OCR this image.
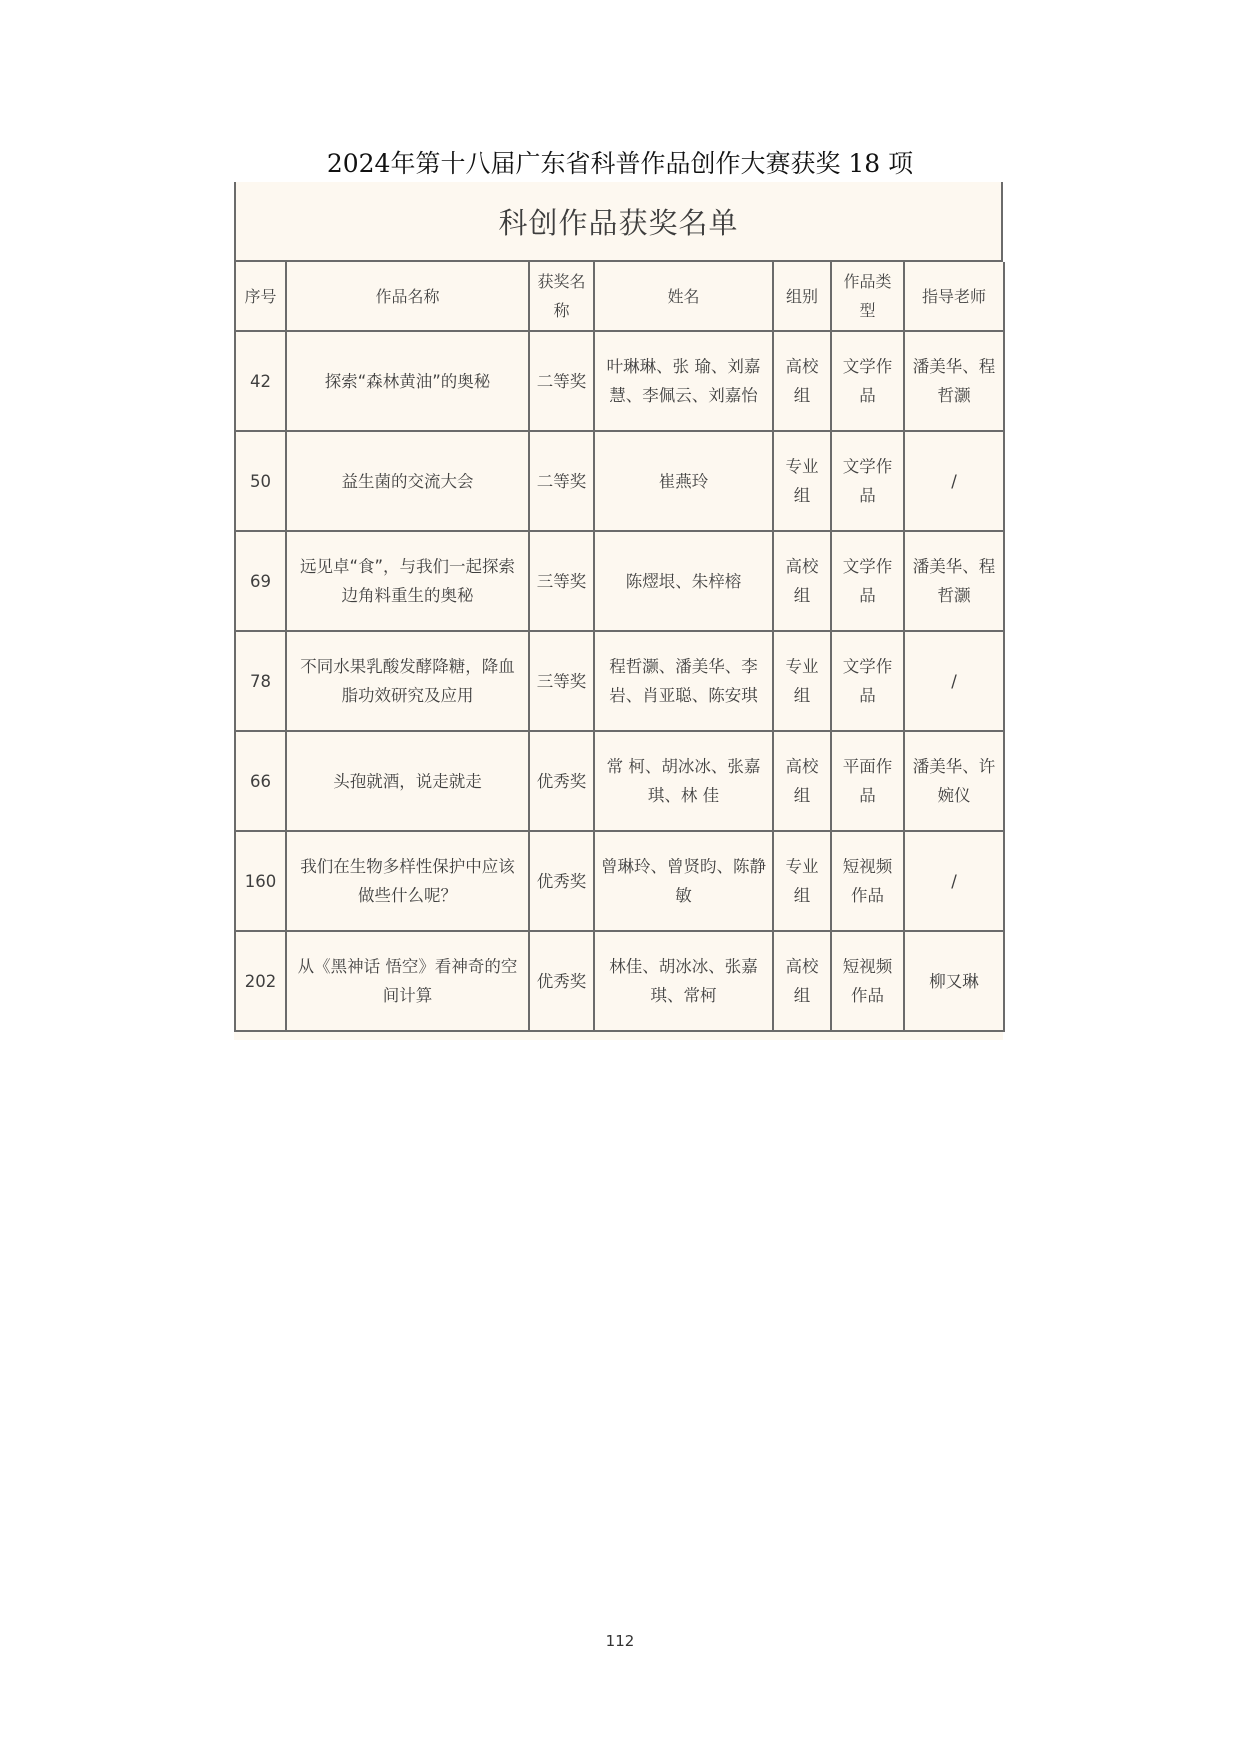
2024年第十八届广东省科普作品创作大赛获奖 18 项
科创作品获奖名单
序号	作品名称	获奖名称	姓名	组别	作品类型	指导老师
42	探索“森林黄油”的奥秘	二等奖	叶琳琳、张 瑜、刘嘉慧、李佩云、刘嘉怡	高校组	文学作品	潘美华、程哲灏
50	益生菌的交流大会	二等奖	崔燕玲	专业组	文学作品	/
69	远见卓“食”，与我们一起探索边角料重生的奥秘	三等奖	陈熤垠、朱梓榕	高校组	文学作品	潘美华、程哲灏
78	不同水果乳酸发酵降糖，降血脂功效研究及应用	三等奖	程哲灏、潘美华、李 岩、肖亚聪、陈安琪	专业组	文学作品	/
66	头孢就酒，说走就走	优秀奖	常 柯、胡冰冰、张嘉琪、林 佳	高校组	平面作品	潘美华、许婉仪
160	我们在生物多样性保护中应该做些什么呢？	优秀奖	曾琳玲、曾贤昀、陈静敏	专业组	短视频作品	/
202	从《黑神话 悟空》看神奇的空间计算	优秀奖	林佳、胡冰冰、张嘉琪、常柯	高校组	短视频作品	柳又琳
112
